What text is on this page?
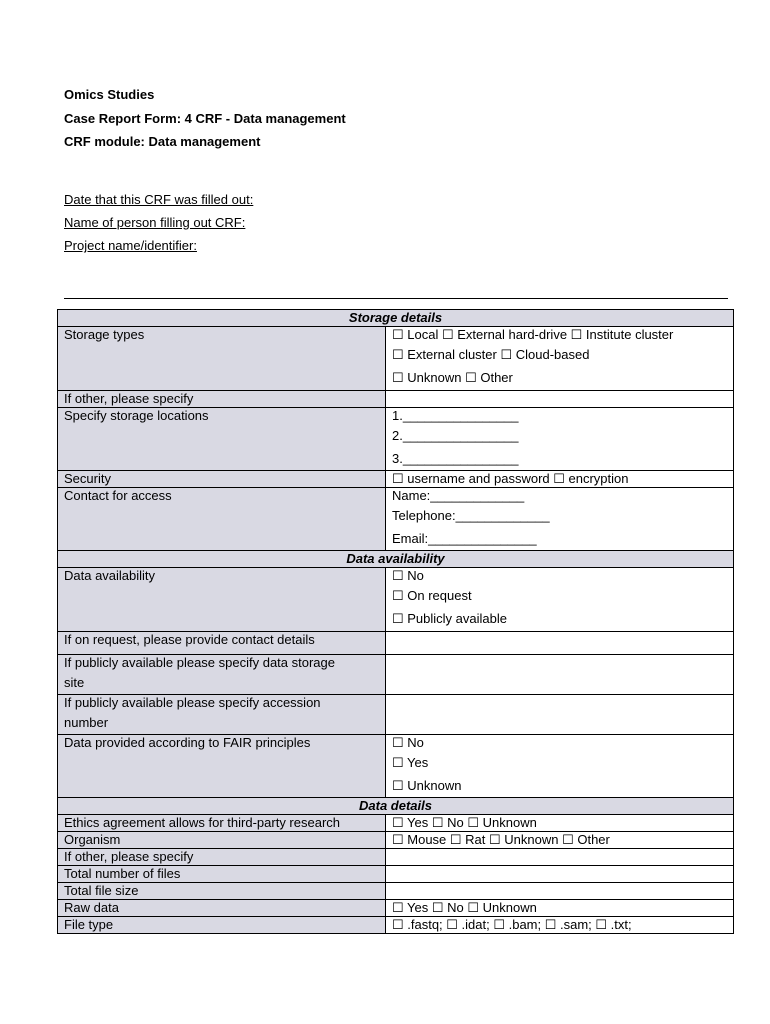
Omics Studies
Case Report Form: 4 CRF - Data management
CRF module: Data management
Date that this CRF was filled out:
Name of person filling out CRF:
Project name/identifier:
Storage details	
Storage types	☐ Local ☐ External hard-drive ☐ Institute cluster
☐ External cluster ☐ Cloud-based
☐ Unknown ☐ Other

If other, please specify	
Specify storage locations	1.________________
2.________________
3.________________

Security	☐ username and password ☐ encryption
Contact for access	Name:_____________
Telephone:_____________
Email:_______________

Data availability	
Data availability	☐ No
☐ On request
☐ Publicly available

If on request, please provide contact details	

If publicly available please specify data storage
site	

If publicly available please specify accession
number	

Data provided according to FAIR principles	☐ No
☐ Yes
☐ Unknown

Data details	
Ethics agreement allows for third-party research	☐ Yes ☐ No ☐ Unknown
Organism	☐ Mouse ☐ Rat ☐ Unknown ☐ Other
If other, please specify	
Total number of files	
Total file size	
Raw data	☐ Yes ☐ No ☐ Unknown
File type	☐ .fastq; ☐ .idat; ☐ .bam; ☐ .sam; ☐ .txt;
